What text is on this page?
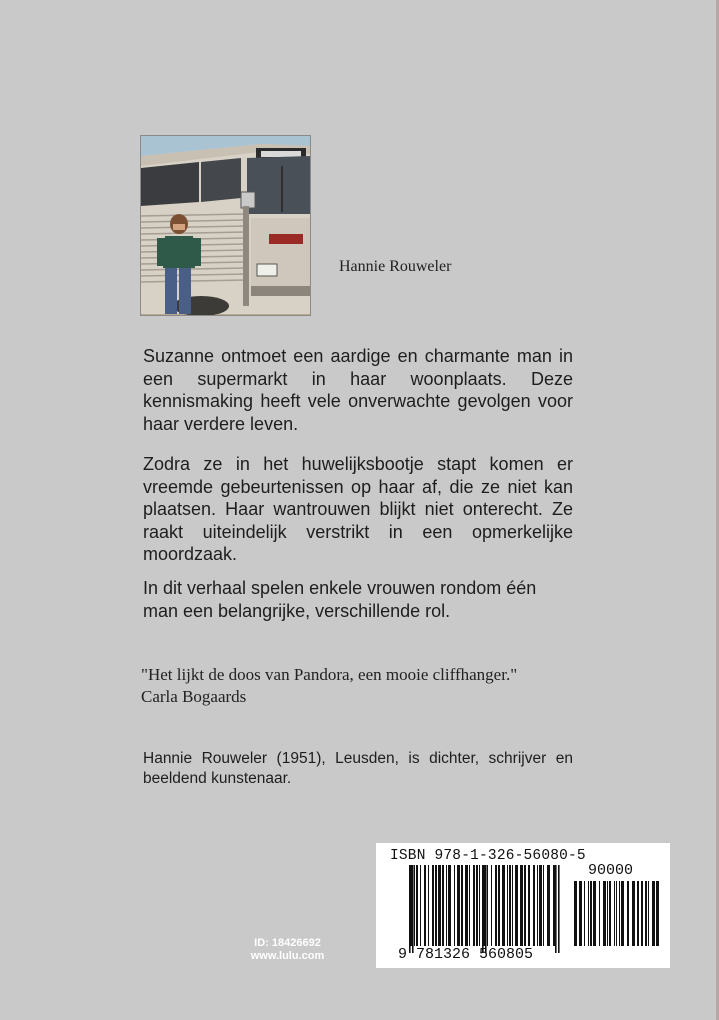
Hannie Rouweler

Suzanne ontmoet een aardige en charmante man in een supermarkt in haar woonplaats. Deze kennismaking heeft vele onverwachte gevolgen voor haar verdere leven.

Zodra ze in het huwelijksbootje stapt komen er vreemde gebeurtenissen op haar af, die ze niet kan plaatsen. Haar wantrouwen blijkt niet onterecht. Ze raakt uiteindelijk verstrikt in een opmerkelijke moordzaak.

In dit verhaal spelen enkele vrouwen rondom één man een belangrijke, verschillende rol.

"Het lijkt de doos van Pandora, een mooie cliffhanger."
Carla Bogaards

Hannie Rouweler (1951), Leusden, is dichter, schrijver en beeldend kunstenaar.

ID: 18426692
www.lulu.com
ISBN 978-1-326-56080-5
90000
9 781326 560805
